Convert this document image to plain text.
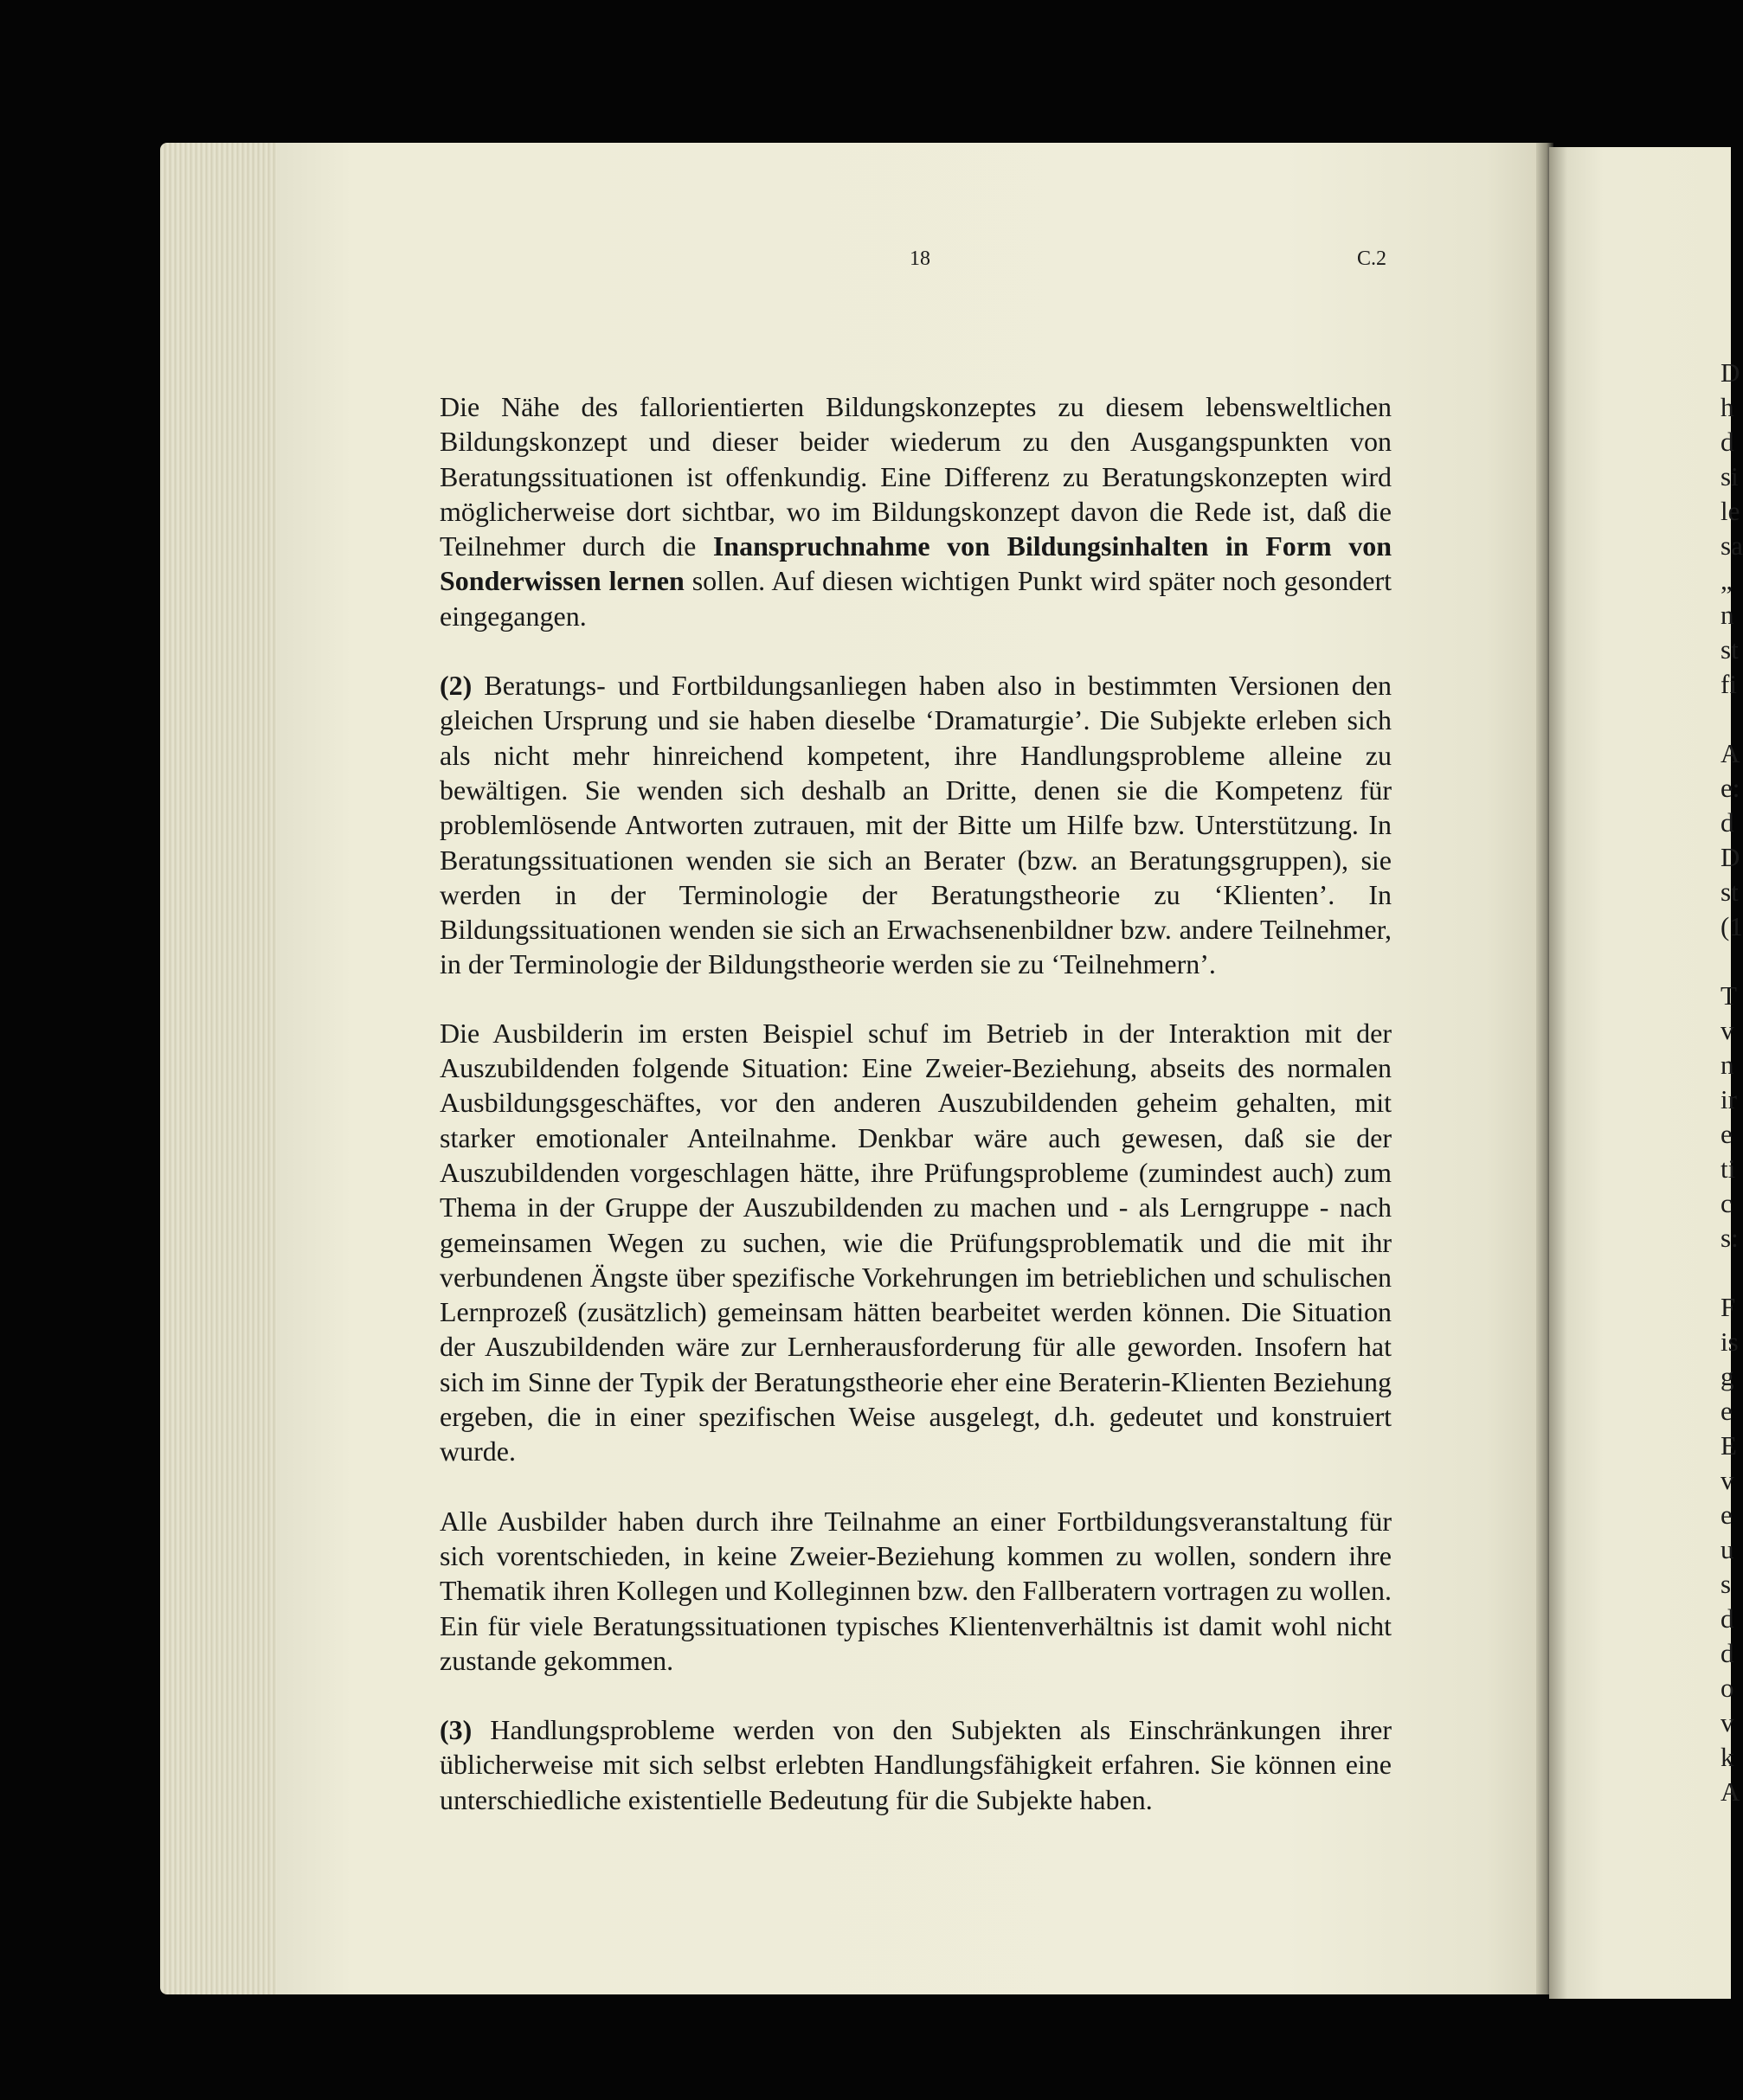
D
h
d
si
le
sa
„
n
st
fi
A
e:
d
D
st
(1
T
v
n
ir
e
ti
c
s:
F
is
g
e
E
v
e
u
s
d
d
o
v
k
A
18	C.2

Die Nähe des fallorientierten Bildungskonzeptes zu diesem lebensweltlichen Bildungskonzept und dieser beider wiederum zu den Ausgangspunkten von Beratungssituationen ist offenkundig. Eine Differenz zu Beratungskonzepten wird möglicherweise dort sichtbar, wo im Bildungskonzept davon die Rede ist, daß die Teilnehmer durch die Inanspruchnahme von Bildungsinhalten in Form von Sonderwissen lernen sollen. Auf diesen wichtigen Punkt wird später noch gesondert eingegangen.

(2) Beratungs- und Fortbildungsanliegen haben also in bestimmten Versionen den gleichen Ursprung und sie haben dieselbe ‘Dramaturgie’. Die Subjekte erleben sich als nicht mehr hinreichend kompetent, ihre Handlungsprobleme alleine zu bewältigen. Sie wenden sich deshalb an Dritte, denen sie die Kompetenz für problemlösende Antworten zutrauen, mit der Bitte um Hilfe bzw. Unterstützung. In Beratungssituationen wenden sie sich an Berater (bzw. an Beratungsgruppen), sie werden in der Terminologie der Beratungstheorie zu ‘Klienten’. In Bildungssituationen wenden sie sich an Erwachsenenbildner bzw. andere Teilnehmer, in der Terminologie der Bildungstheorie werden sie zu ‘Teilnehmern’.

Die Ausbilderin im ersten Beispiel schuf im Betrieb in der Interaktion mit der Auszubildenden folgende Situation: Eine Zweier-Beziehung, abseits des normalen Ausbildungsgeschäftes, vor den anderen Auszubildenden geheim gehalten, mit starker emotionaler Anteilnahme. Denkbar wäre auch gewesen, daß sie der Auszubildenden vorgeschlagen hätte, ihre Prüfungsprobleme (zumindest auch) zum Thema in der Gruppe der Auszubildenden zu machen und - als Lerngruppe - nach gemeinsamen Wegen zu suchen, wie die Prüfungsproblematik und die mit ihr verbundenen Ängste über spezifische Vorkehrungen im betrieblichen und schulischen Lernprozeß (zusätzlich) gemeinsam hätten bearbeitet werden können. Die Situation der Auszubildenden wäre zur Lernherausforderung für alle geworden. Insofern hat sich im Sinne der Typik der Beratungstheorie eher eine Beraterin-Klienten Beziehung ergeben, die in einer spezifischen Weise ausgelegt, d.h. gedeutet und konstruiert wurde.

Alle Ausbilder haben durch ihre Teilnahme an einer Fortbildungsveranstaltung für sich vorentschieden, in keine Zweier-Beziehung kommen zu wollen, sondern ihre Thematik ihren Kollegen und Kolleginnen bzw. den Fallberatern vortragen zu wollen. Ein für viele Beratungssituationen typisches Klientenverhältnis ist damit wohl nicht zustande gekommen.

(3) Handlungsprobleme werden von den Subjekten als Einschränkungen ihrer üblicherweise mit sich selbst erlebten Handlungsfähigkeit erfahren. Sie können eine unterschiedliche existentielle Bedeutung für die Subjekte haben.
